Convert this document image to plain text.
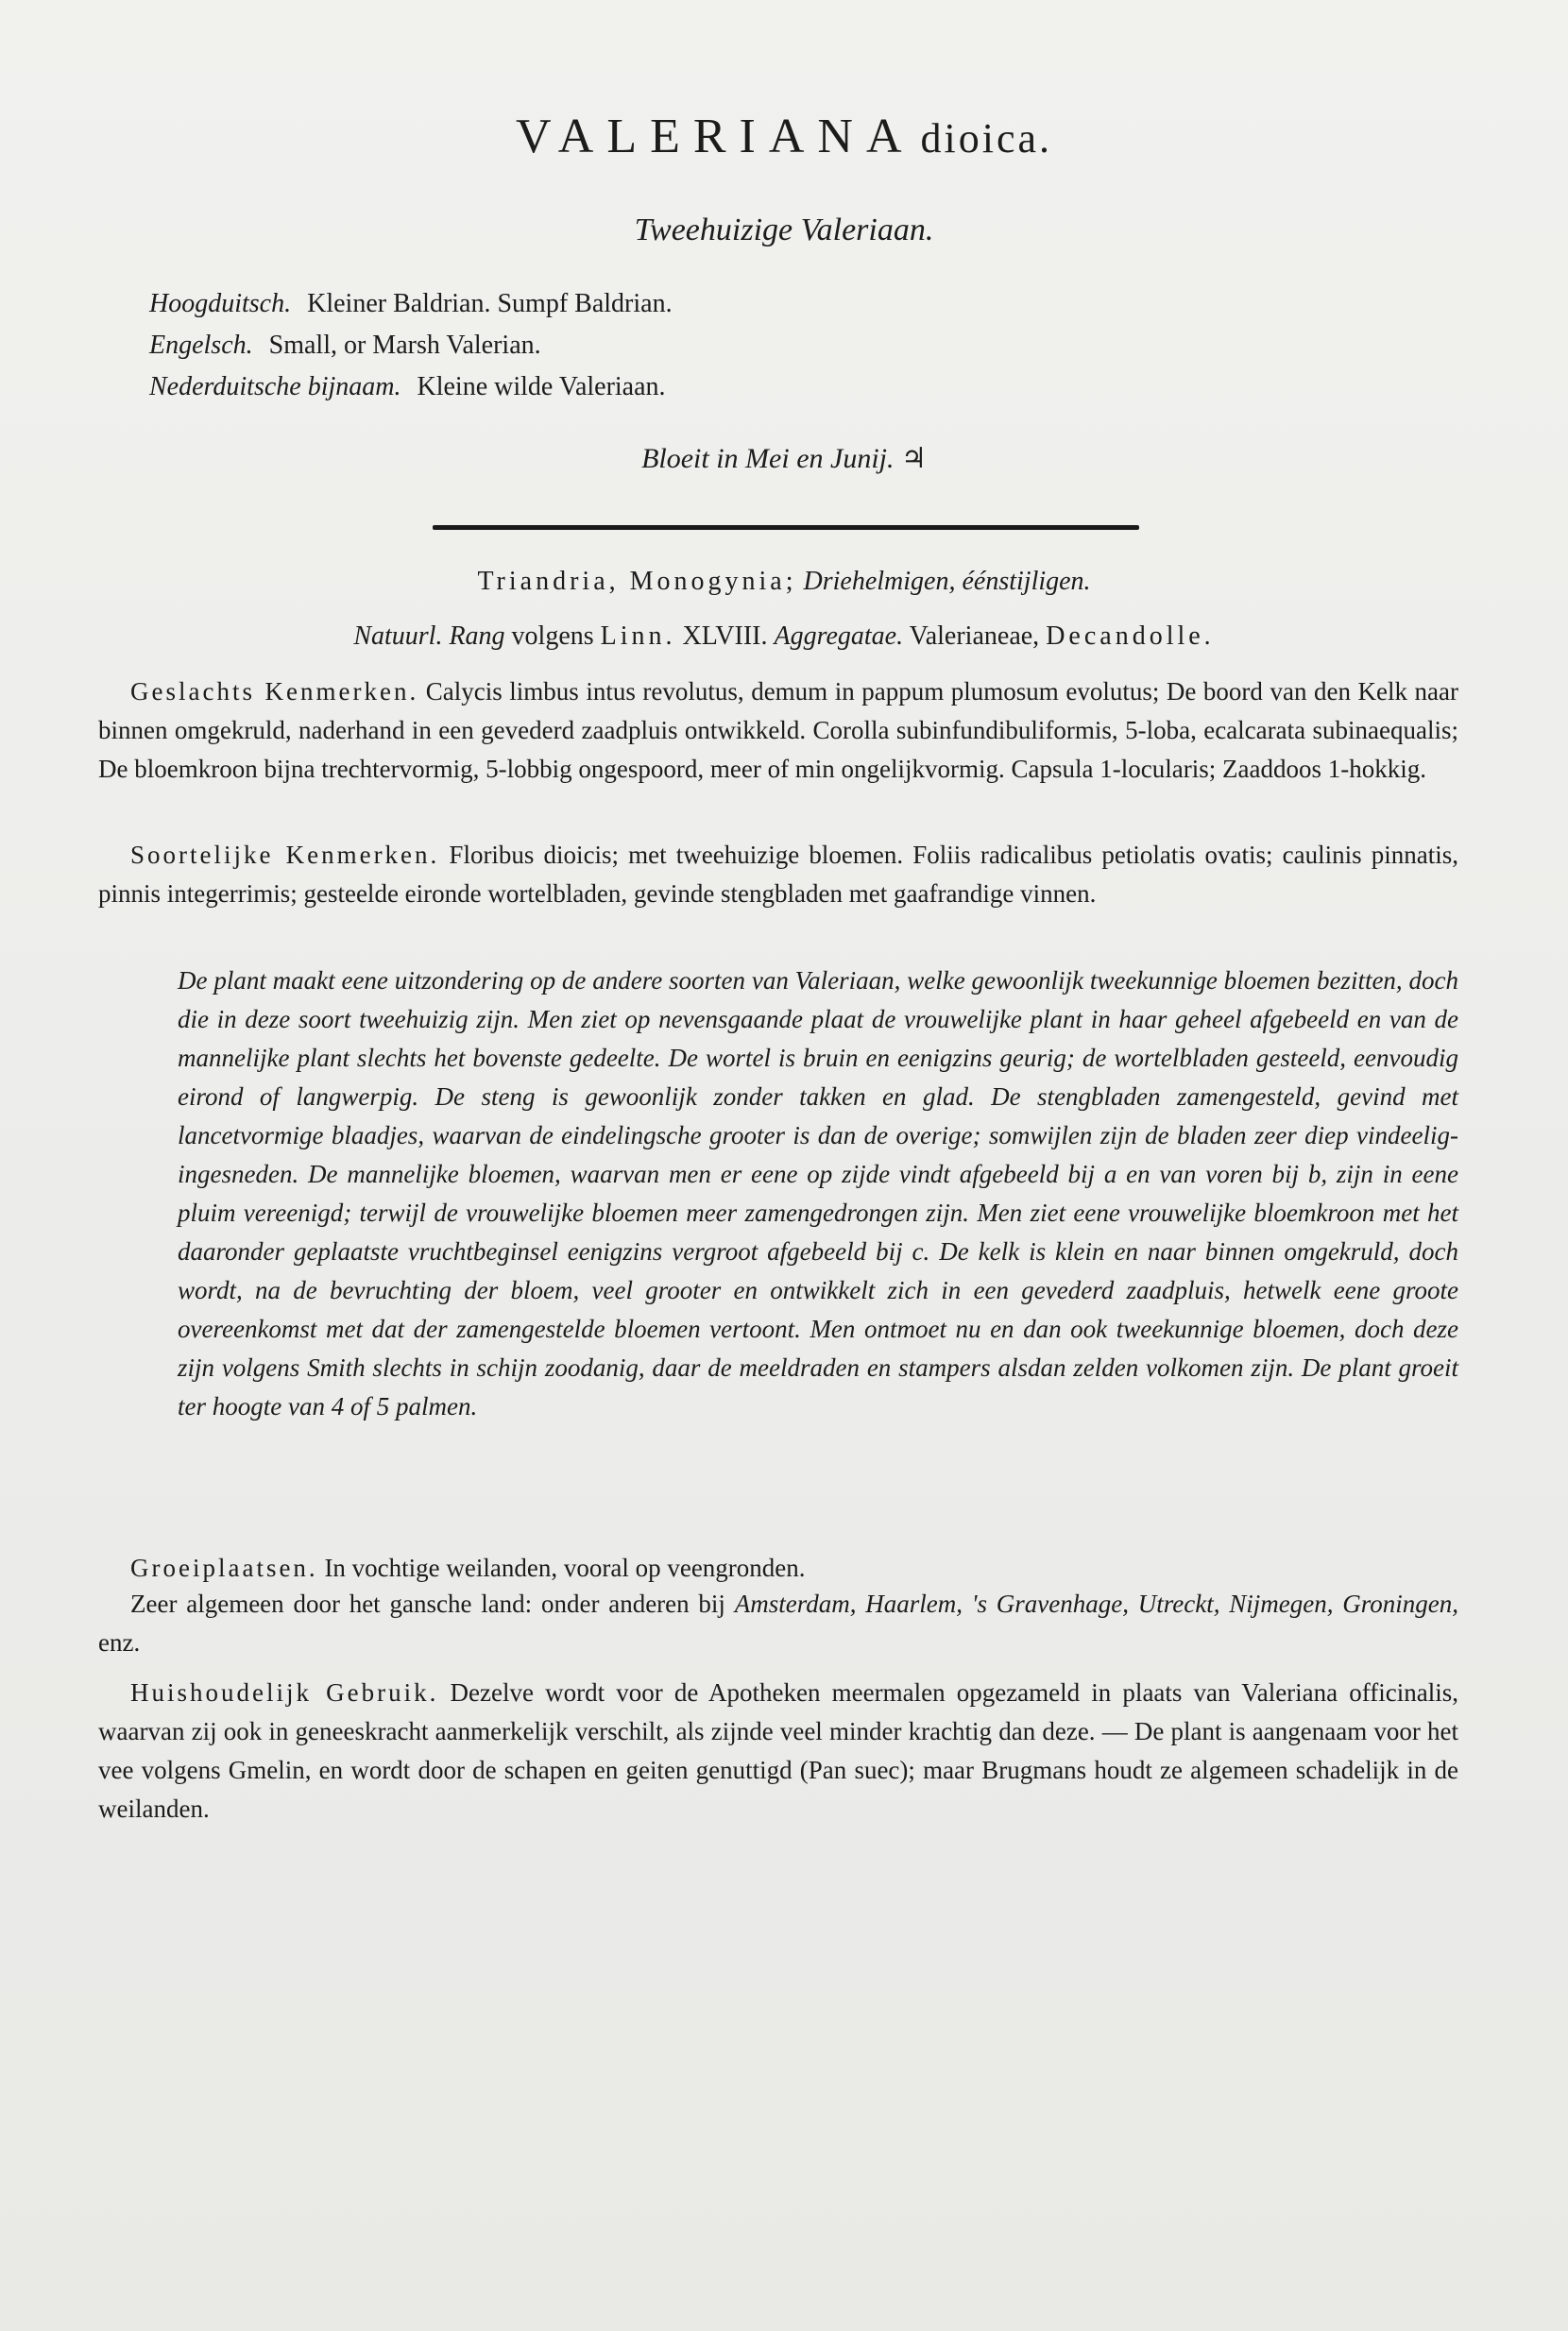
VALERIANA dioica.
Tweehuizige Valeriaan.
Hoogduitsch. Kleiner Baldrian. Sumpf Baldrian.
Engelsch. Small, or Marsh Valerian.
Nederduitsche bijnaam. Kleine wilde Valeriaan.
Bloeit in Mei en Junij. ♃
Triandria, Monogynia; Driehelmigen, éénstijligen.
Natuurl. Rang volgens Linn. XLVIII. Aggregatae. Valerianeae, Decandolle.
Geslachts Kenmerken. Calycis limbus intus revolutus, demum in pappum plumosum evolutus; De boord van den Kelk naar binnen omgekruld, naderhand in een gevederd zaadpluis ontwikkeld. Corolla subinfundibuliformis, 5-loba, ecalcarata subinaequalis; De bloemkroon bijna trechtervormig, 5-lobbig ongespoord, meer of min ongelijkvormig. Capsula 1-locularis; Zaaddoos 1-hokkig.
Soortelijke Kenmerken. Floribus dioicis; met tweehuizige bloemen. Foliis radicalibus petiolatis ovatis; caulinis pinnatis, pinnis integerrimis; gesteelde eironde wortelbladen, gevinde stengbladen met gaafrandige vinnen.
De plant maakt eene uitzondering op de andere soorten van Valeriaan, welke gewoonlijk tweekunnige bloemen bezitten, doch die in deze soort tweehuizig zijn. Men ziet op nevensgaande plaat de vrouwelijke plant in haar geheel afgebeeld en van de mannelijke plant slechts het bovenste gedeelte. De wortel is bruin en eenigzins geurig; de wortelbladen gesteeld, eenvoudig eirond of langwerpig. De steng is gewoonlijk zonder takken en glad. De stengbladen zamengesteld, gevind met lancetvormige blaadjes, waarvan de eindelingsche grooter is dan de overige; somwijlen zijn de bladen zeer diep vindeelig-ingesneden. De mannelijke bloemen, waarvan men er eene op zijde vindt afgebeeld bij a en van voren bij b, zijn in eene pluim vereenigd; terwijl de vrouwelijke bloemen meer zamengedrongen zijn. Men ziet eene vrouwelijke bloemkroon met het daaronder geplaatste vruchtbeginsel eenigzins vergroot afgebeeld bij c. De kelk is klein en naar binnen omgekruld, doch wordt, na de bevruchting der bloem, veel grooter en ontwikkelt zich in een gevederd zaadpluis, hetwelk eene groote overeenkomst met dat der zamengestelde bloemen vertoont. Men ontmoet nu en dan ook tweekunnige bloemen, doch deze zijn volgens Smith slechts in schijn zoodanig, daar de meeldraden en stampers alsdan zelden volkomen zijn. De plant groeit ter hoogte van 4 of 5 palmen.
Groeiplaatsen. In vochtige weilanden, vooral op veengronden.
Zeer algemeen door het gansche land: onder anderen bij Amsterdam, Haarlem, 's Gravenhage, Utreckt, Nijmegen, Groningen, enz.
Huishoudelijk Gebruik. Dezelve wordt voor de Apotheken meermalen opgezameld in plaats van Valeriana officinalis, waarvan zij ook in geneeskracht aanmerkelijk verschilt, als zijnde veel minder krachtig dan deze. — De plant is aangenaam voor het vee volgens Gmelin, en wordt door de schapen en geiten genuttigd (Pan suec); maar Brugmans houdt ze algemeen schadelijk in de weilanden.
